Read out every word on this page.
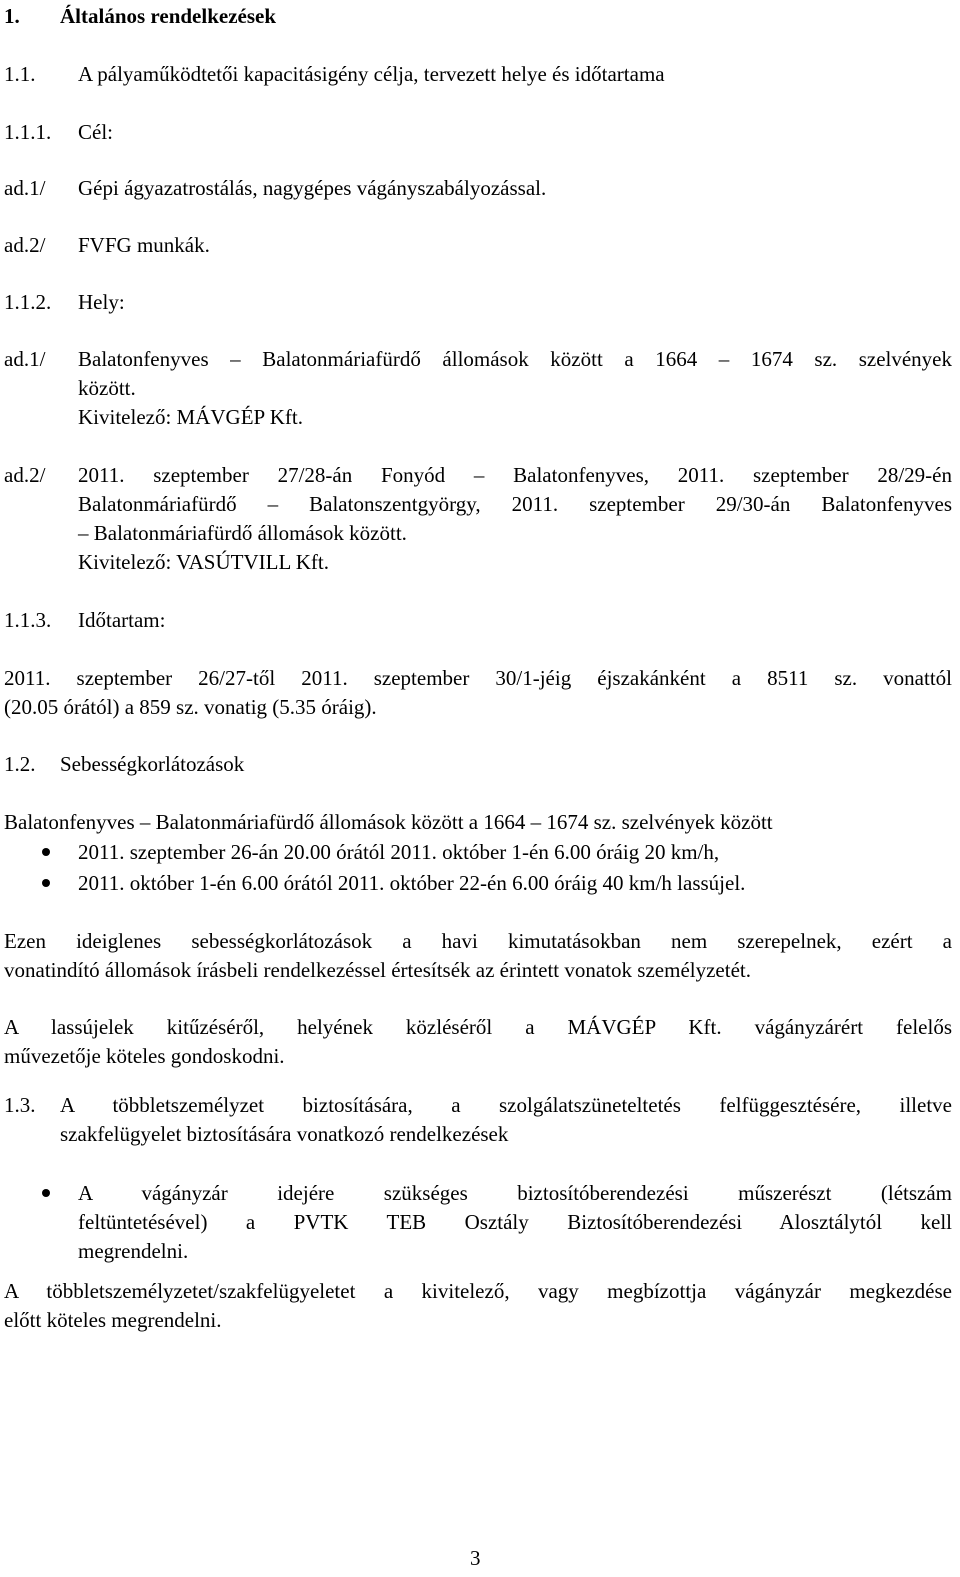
1. Általános rendelkezések
1.1. A pályaműködtetői kapacitásigény célja, tervezett helye és időtartama
1.1.1. Cél:
ad.1/ Gépi ágyazatrostálás, nagygépes vágányszabályozással.
ad.2/ FVFG munkák.
1.1.2. Hely:
ad.1/ Balatonfenyves – Balatonmáriafürdő állomások között a 1664 – 1674 sz. szelvények
között.
Kivitelező: MÁVGÉP Kft.
ad.2/ 2011. szeptember 27/28-án Fonyód – Balatonfenyves, 2011. szeptember 28/29-én
Balatonmáriafürdő – Balatonszentgyörgy, 2011. szeptember 29/30-án Balatonfenyves
– Balatonmáriafürdő állomások között.
Kivitelező: VASÚTVILL Kft.
1.1.3. Időtartam:
2011. szeptember 26/27-től 2011. szeptember 30/1-jéig éjszakánként a 8511 sz. vonattól
(20.05 órától) a 859 sz. vonatig (5.35 óráig).
1.2. Sebességkorlátozások
Balatonfenyves – Balatonmáriafürdő állomások között a 1664 – 1674 sz. szelvények között
2011. szeptember 26-án 20.00 órától 2011. október 1-én 6.00 óráig 20 km/h,
2011. október 1-én 6.00 órától 2011. október 22-én 6.00 óráig 40 km/h lassújel.
Ezen ideiglenes sebességkorlátozások a havi kimutatásokban nem szerepelnek, ezért a
vonatindító állomások írásbeli rendelkezéssel értesítsék az érintett vonatok személyzetét.
A lassújelek kitűzéséről, helyének közléséről a MÁVGÉP Kft. vágányzárért felelős
művezetője köteles gondoskodni.
1.3. A többletszemélyzet biztosítására, a szolgálatszüneteltetés felfüggesztésére, illetve
szakfelügyelet biztosítására vonatkozó rendelkezések
A vágányzár idejére szükséges biztosítóberendezési műszerészt (létszám
feltüntetésével) a PVTK TEB Osztály Biztosítóberendezési Alosztálytól kell
megrendelni.
A többletszemélyzetet/szakfelügyeletet a kivitelező, vagy megbízottja vágányzár megkezdése
előtt köteles megrendelni.
3
